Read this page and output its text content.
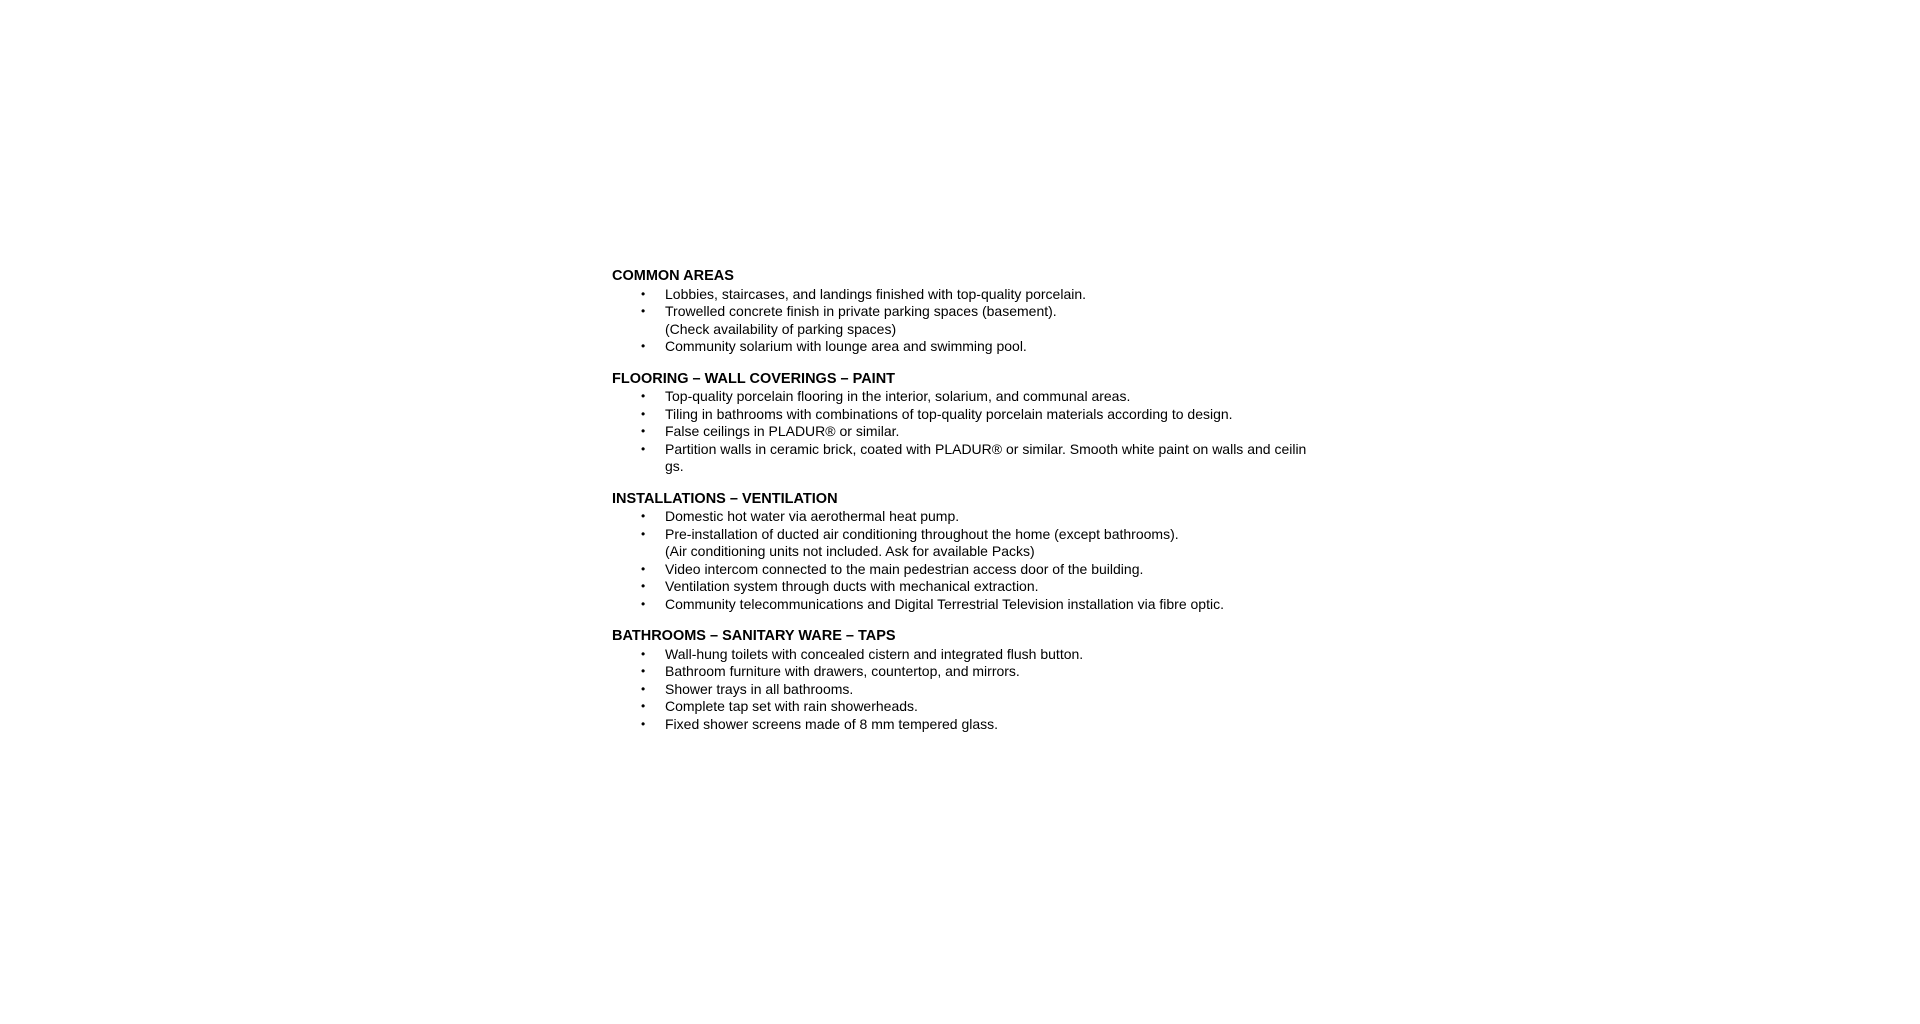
COMMON AREAS
• Lobbies, staircases, and landings finished with top-quality porcelain.
• Trowelled concrete finish in private parking spaces (basement).
(Check availability of parking spaces)
• Community solarium with lounge area and swimming pool.
FLOORING – WALL COVERINGS – PAINT
• Top-quality porcelain flooring in the interior, solarium, and communal areas.
• Tiling in bathrooms with combinations of top-quality porcelain materials according to design.
• False ceilings in PLADUR® or similar.
• Partition walls in ceramic brick, coated with PLADUR® or similar. Smooth white paint on walls and ceilin
gs.
INSTALLATIONS – VENTILATION
• Domestic hot water via aerothermal heat pump.
• Pre-installation of ducted air conditioning throughout the home (except bathrooms).
(Air conditioning units not included. Ask for available Packs)
• Video intercom connected to the main pedestrian access door of the building.
• Ventilation system through ducts with mechanical extraction.
• Community telecommunications and Digital Terrestrial Television installation via fibre optic.
BATHROOMS – SANITARY WARE – TAPS
• Wall-hung toilets with concealed cistern and integrated flush button.
• Bathroom furniture with drawers, countertop, and mirrors.
• Shower trays in all bathrooms.
• Complete tap set with rain showerheads.
• Fixed shower screens made of 8 mm tempered glass.
